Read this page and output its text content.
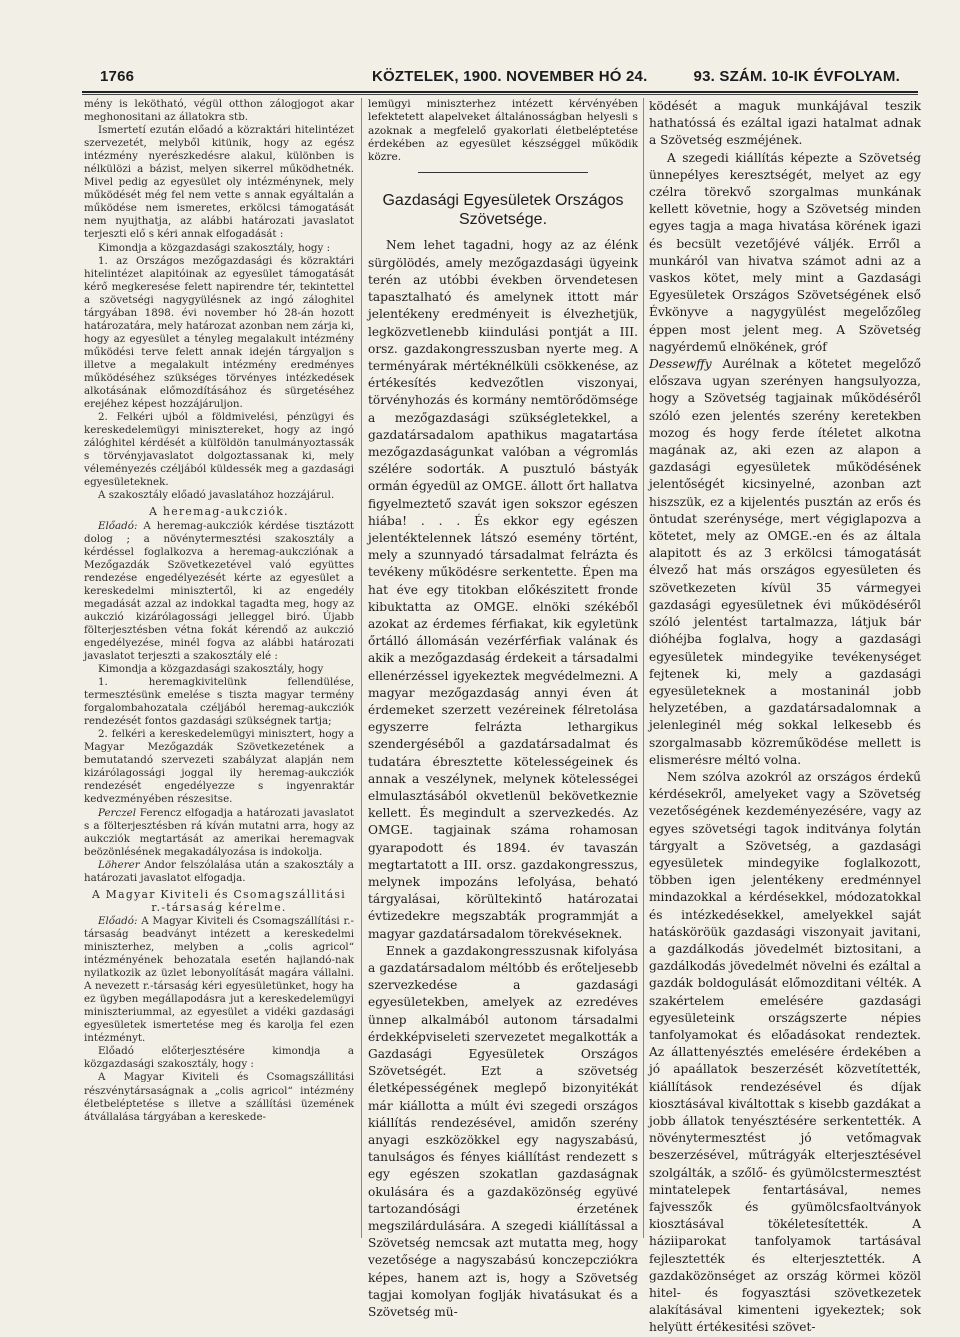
1766	KÖZTELEK, 1900. NOVEMBER HÓ 24.	93. SZÁM. 10-IK ÉVFOLYAM.

mény is lekötható, végül otthon zálogjogot akar meghonositani az állatokra stb.

Ismertetí ezután előadó a közraktári hitelintézet szervezetét, melyből kitünik, hogy az egész intézmény nyerészkedésre alakul, különben is nélkülözi a bázist, melyen sikerrel működhetnék. Mivel pedig az egyesület oly intézménynek, mely működését még fel nem vette s annak egyáltalán a működése nem ismeretes, erkölcsi támogatását nem nyujthatja, az alábbi határozati javaslatot terjeszti elő s kéri annak elfogadását :

Kimondja a közgazdasági szakosztály, hogy :

1. az Országos mezőgazdasági és közraktári hitelintézet alapitóinak az egyesület támogatását kérő megkeresése felett napirendre tér, tekintettel a szövetségi nagygyülésnek az ingó záloghitel tárgyában 1898. évi november hó 28-án hozott határozatára, mely határozat azonban nem zárja ki, hogy az egyesület a tényleg megalakult intézmény működési terve felett annak idején tárgyaljon s illetve a megalakult intézmény eredményes működéséhez szükséges törvényes intézkedések alkotásának előmozdításához és sürgetéséhez erejéhez képest hozzájáruljon.

2. Felkéri ujból a földmivelési, pénzügyi és kereskedelemügyi minisztereket, hogy az ingó zálóghitel kérdését a külföldön tanulmányoztassák s törvényjavaslatot dolgoztassanak ki, mely véleményezés czéljából küldessék meg a gazdasági egyesületeknek.

A szakosztály előadó javaslatához hozzájárul.

A heremag-aukcziók.

Előadó: A heremag-aukcziók kérdése tisztázott dolog ; a növénytermesztési szakosztály a kérdéssel foglalkozva a heremag-aukcziónak a Mezőgazdák Szövetkezetével való együttes rendezése engedélyezését kérte az egyesület a kereskedelmi minisztertől, ki az engedély megadását azzal az indokkal tagadta meg, hogy az aukczió kizárólagossági jelleggel biró. Újabb fölterjesztésben vétna fokát kérendő az aukczió engedélyezése, minél fogva az alábbi határozati javaslatot terjeszti a szakosztály elé :

Kimondja a közgazdasági szakosztály, hogy

1. heremagkivitelünk fellendülése, termesztésünk emelése s tiszta magyar termény forgalombahozatala czéljából heremag-aukcziók rendezését fontos gazdasági szükségnek tartja;

2. felkéri a kereskedelemügyi minisztert, hogy a Magyar Mezőgazdák Szövetkezetének a bemutatandó szervezeti szabályzat alapján nem kizárólagossági joggal ily heremag-aukcziók rendezését engedélyezze s ingyenraktár kedvezményében részesitse.

Perczel Ferencz elfogadja a határozati javaslatot s a fölterjesztésben rá kíván mutatni arra, hogy az aukcziók megtartását az amerikai heremagvak beözönlésének megakadályozása is indokolja.

Löherer Andor felszólalása után a szakosztály a határozati javaslatot elfogadja.

A Magyar Kiviteli és Csomagszállitási r.-társaság kérelme.

Előadó: A Magyar Kiviteli és Csomagszállítási r.-társaság beadványt intézett a kereskedelmi miniszterhez, melyben a „colis agricol“ intézményének behozatala esetén hajlandó-nak nyilatkozik az üzlet lebonyolítását magára vállalni. A nevezett r.-társaság kéri egyesületünket, hogy ha ez ügyben megállapodásra jut a kereskedelemügyi miniszteriummal, az egyesület a vidéki gazdasági egyesületek ismertetése meg és karolja fel ezen intézményt.

Előadó előterjesztésére kimondja a közgazdasági szakosztály, hogy :

A Magyar Kiviteli és Csomagszállitási részvénytársaságnak a „colis agricol“ intézmény életbeléptetése s illetve a szállítási üzemének átvállalása tárgyában a kereskede-

lemügyi miniszterhez intézett kérvényében lefektetett alapelveket általánosságban helyesli s azoknak a megfelelő gyakorlati életbeléptetése érdekében az egyesület készséggel működik közre.

Gazdasági Egyesületek Országos
Szövetsége.

Nem lehet tagadni, hogy az az élénk sürgölödés, amely mezőgazdasági ügyeink terén az utóbbi években örvendetesen tapasztalható és amelynek ittott már jelentékeny eredményeit is élvezhetjük, legközvetlenebb kiindulási pontját a III. orsz. gazdakongresszusban nyerte meg. A terményárak mértéknélküli csökkenése, az értékesítés kedvezőtlen viszonyai, törvényhozás és kormány nemtörődömsége a mezőgazdasági szükségletekkel, a gazdatársadalom apathikus magatartása mezőgazdaságunkat valóban a végromlás szélére sodorták. A pusztuló bástyák ormán égyedül az OMGE. állott őrt hallatva figyelmeztető szavát igen sokszor egészen hiába! . . . És ekkor egy egészen jelentéktelennek látszó esemény történt, mely a szunnyadó társadalmat felrázta és tevékeny működésre serkentette. Épen ma hat éve egy titokban előkészitett fronde kibuktatta az OMGE. elnöki székéből azokat az érdemes férfiakat, kik egyletünk őrtálló állomásán vezérférfiak valának és akik a mezőgazdaság érdekeit a társadalmi ellenérzéssel igyekeztek megvédelmezni. A magyar mezőgazdaság annyi éven át érdemeket szerzett vezéreinek félretolása egyszerre felrázta lethargikus szendergéséből a gazdatársadalmat és tudatára ébresztette kötelességeinek és annak a veszélynek, melynek kötelességei elmulasztásából okvetlenül bekövetkeznie kellett. És megindult a szervezkedés. Az OMGE. tagjainak száma rohamosan gyarapodott és 1894. év tavaszán megtartatott a III. orsz. gazdakongresszus, melynek impozáns lefolyása, beható tárgyalásai, körültekintő határozatai évtizedekre megszabták programmját a magyar gazdatársadalom törekvéseknek.

Ennek a gazdakongresszusnak kifolyása a gazdatársadalom méltóbb és erőteljesebb szervezkedése a gazdasági egyesületekben, amelyek az ezredéves ünnep alkalmából autonom társadalmi érdekképviseleti szervezetet megalkották a Gazdasági Egyesületek Országos Szövetségét. Ezt a szövetség életképességének meglepő bizonyitékát már kiállotta a múlt évi szegedi országos kiállítás rendezésével, amidőn szerény anyagi eszközökkel egy nagyszabású, tanulságos és fényes kiállítást rendezett s egy egészen szokatlan gazdaságnak okulására és a gazdaközönség együvé tartozandósági érzetének megszilárdulására. A szegedi kiállítással a Szövetség nemcsak azt mutatta meg, hogy vezetősége a nagyszabású konczepcziókra képes, hanem azt is, hogy a Szövetség tagjai komolyan foglják hivatásukat és a Szövetség mü-

ködését a maguk munkájával teszik hathatóssá és ezáltal igazi hatalmat adnak a Szövetség eszméjének.

A szegedi kiállítás képezte a Szövetség ünnepélyes keresztségét, melyet az egy czélra törekvő szorgalmas munkának kellett követnie, hogy a Szövetség minden egyes tagja a maga hivatása körének igazi és becsült vezetőjévé váljék. Erről a munkáról van hivatva számot adni az a vaskos kötet, mely mint a Gazdasági Egyesületek Országos Szövetségének első Évkönyve a nagygyülést megelőzőleg éppen most jelent meg. A Szövetség nagyérdemű elnökének, gróf

Dessewffy Aurélnak a kötetet megelőző előszava ugyan szerényen hangsulyozza, hogy a Szövetség tagjainak működéséről szóló ezen jelentés szerény keretekben mozog és hogy ferde ítéletet alkotna magának az, aki ezen az alapon a gazdasági egyesületek működésének jelentőségét kicsinyelné, azonban azt hiszszük, ez a kijelentés pusztán az erős és öntudat szerénysége, mert végiglapozva a kötetet, mely az OMGE.-en és az általa alapitott és az 3 erkölcsi támogatását élvező hat más országos egyesületen és szövetkezeten kívül 35 vármegyei gazdasági egyesületnek évi működéséről szóló jelentést tartalmazza, látjuk bár dióhéjba foglalva, hogy a gazdasági egyesületek mindegyike tevékenységet fejtenek ki, mely a gazdasági egyesületeknek a mostaninál jobb helyzetében, a gazdatársadalomnak a jelenleginél még sokkal lelkesebb és szorgalmasabb közreműködése mellett is elismerésre méltó volna.

Nem szólva azokról az országos érdekű kérdésekről, amelyeket vagy a Szövetség vezetőségének kezdeményezésére, vagy az egyes szövetségi tagok inditványa folytán tárgyalt a Szövetség, a gazdasági egyesületek mindegyike foglalkozott, többen igen jelentékeny eredménnyel mindazokkal a kérdésekkel, módozatokkal és intézkedésekkel, amelyekkel saját hatásköröük gazdasági viszonyait javitani, a gazdálkodás jövedelmét biztositani, a gazdálkodás jövedelmét növelni és ezáltal a gazdák boldogulását előmozditani vélték. A szakértelem emelésére gazdasági egyesületeink országszerte népies tanfolyamokat és előadásokat rendeztek. Az állattenyésztés emelésére érdekében a jó apaállatok beszerzését közvetítették, kiállítások rendezésével és díjak kiosztásával kiváltottak s kisebb gazdákat a jobb állatok tenyésztésére serkentették. A növénytermesztést jó vetőmagvak beszerzésével, műtrágyák elterjesztésével szolgálták, a szőlő- és gyümölcstermesztést mintatelepek fentartásával, nemes fajvesszők és gyümölcsfaoltványok kiosztásával tökéletesítették. A háziiparokat tanfolyamok tartásával fejlesztették és elterjesztették. A gazdaközönséget az ország körmei közöl hitel- és fogyasztási szövetkezetek alakításával kimenteni igyekeztek; sok helyütt értékesitési szövet-
